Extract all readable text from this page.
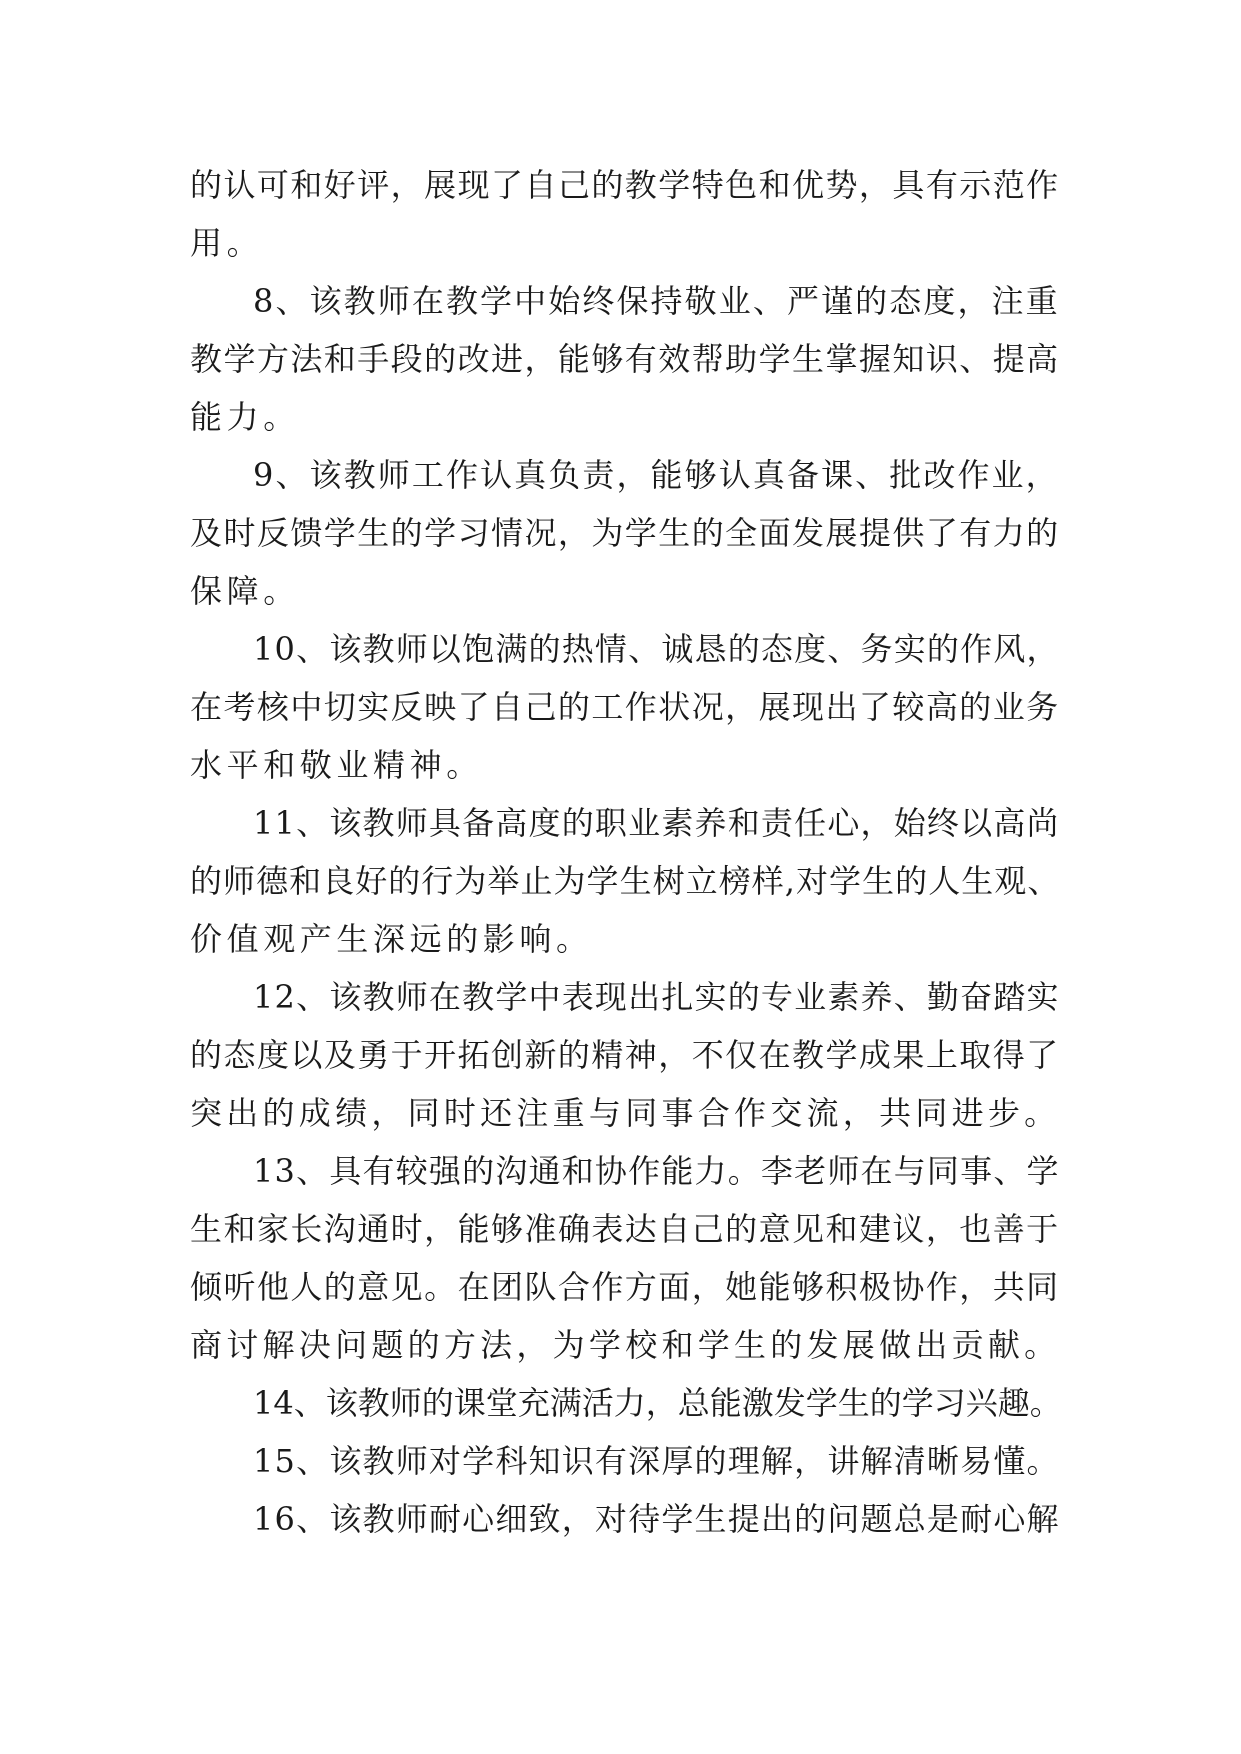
的认可和好评，展现了自己的教学特色和优势，具有示范作
用。
8、该教师在教学中始终保持敬业、严谨的态度，注重
教学方法和手段的改进，能够有效帮助学生掌握知识、提高
能力。
9、该教师工作认真负责，能够认真备课、批改作业，
及时反馈学生的学习情况，为学生的全面发展提供了有力的
保障。
10、该教师以饱满的热情、诚恳的态度、务实的作风，
在考核中切实反映了自己的工作状况，展现出了较高的业务
水平和敬业精神。
11、该教师具备高度的职业素养和责任心，始终以高尚
的师德和良好的行为举止为学生树立榜样,对学生的人生观、
价值观产生深远的影响。
12、该教师在教学中表现出扎实的专业素养、勤奋踏实
的态度以及勇于开拓创新的精神，不仅在教学成果上取得了
突出的成绩，同时还注重与同事合作交流，共同进步。
13、具有较强的沟通和协作能力。李老师在与同事、学
生和家长沟通时，能够准确表达自己的意见和建议，也善于
倾听他人的意见。在团队合作方面，她能够积极协作，共同
商讨解决问题的方法，为学校和学生的发展做出贡献。
14、该教师的课堂充满活力，总能激发学生的学习兴趣。
15、该教师对学科知识有深厚的理解，讲解清晰易懂。
16、该教师耐心细致，对待学生提出的问题总是耐心解
